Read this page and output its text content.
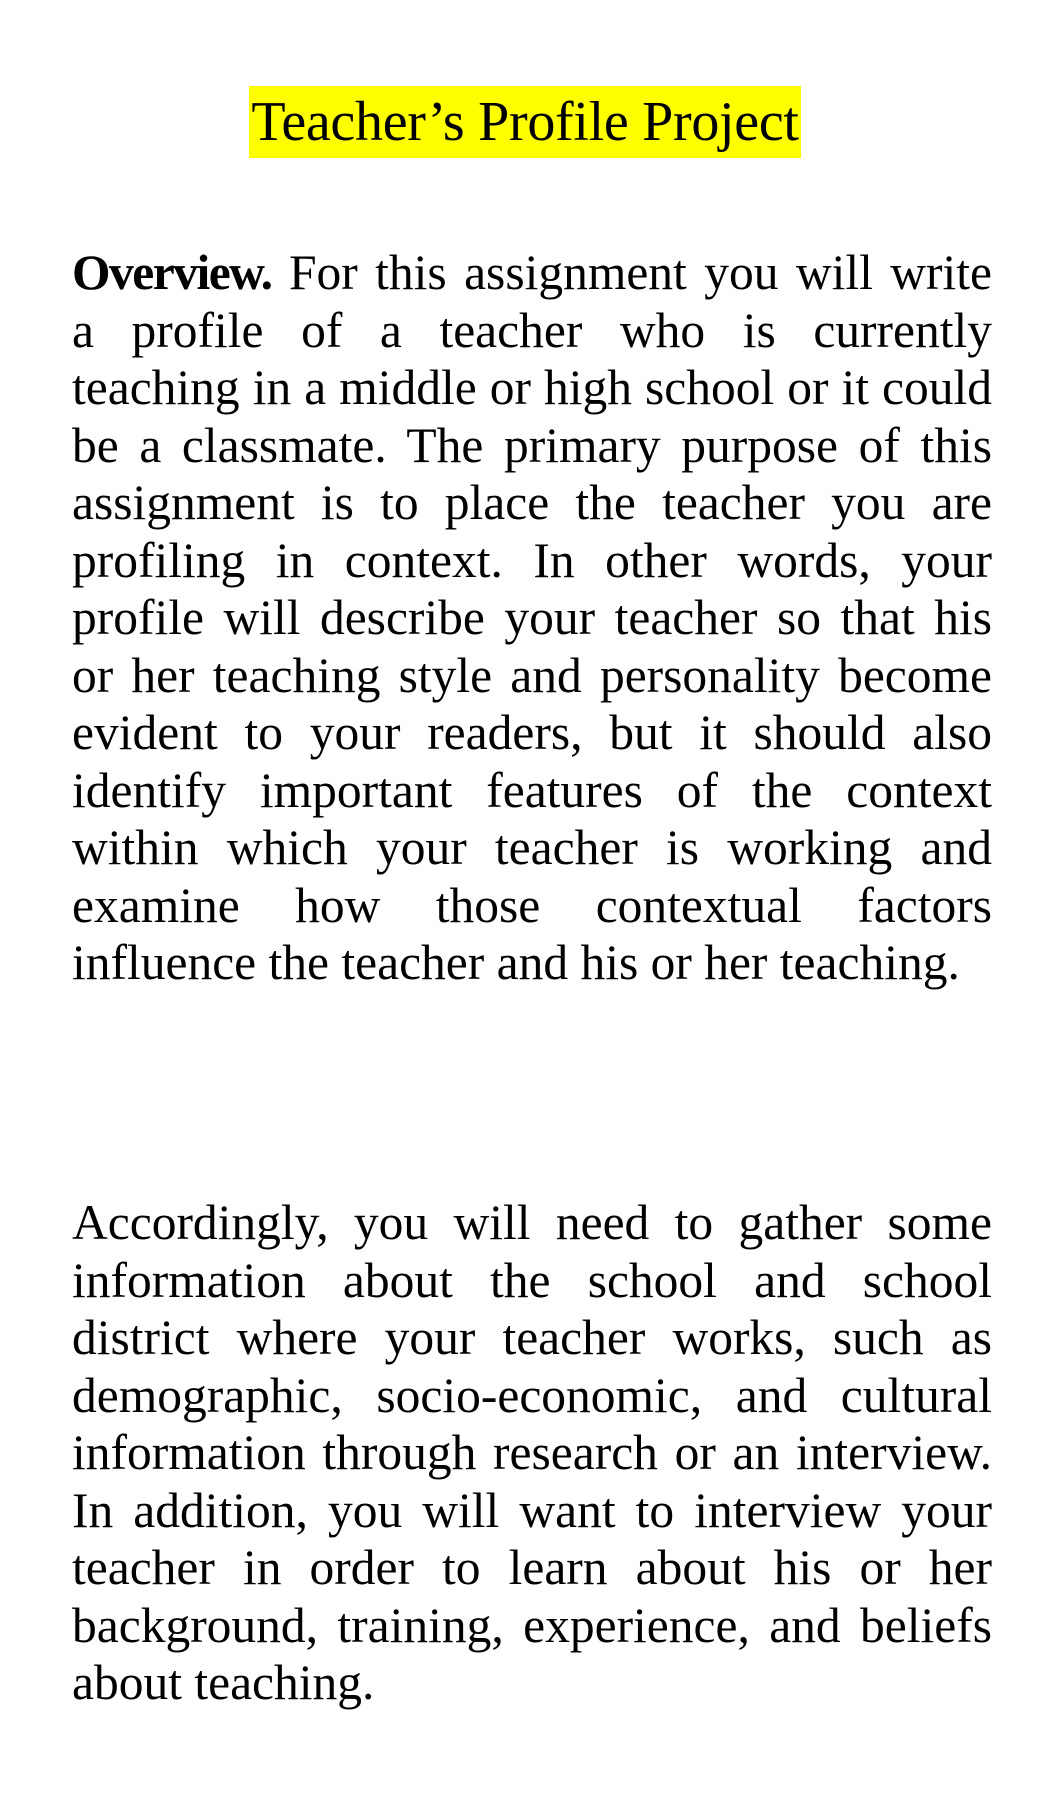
Teacher’s Profile Project

Overview. For this assignment you will write a profile of a teacher who is currently teaching in a middle or high school or it could be a classmate. The primary purpose of this assignment is to place the teacher you are profiling in context. In other words, your profile will describe your teacher so that his or her teaching style and personality become evident to your readers, but it should also identify important features of the context within which your teacher is working and examine how those contextual factors influence the teacher and his or her teaching.

Accordingly, you will need to gather some information about the school and school district where your teacher works, such as demographic, socio-economic, and cultural information through research or an interview. In addition, you will want to interview your teacher in order to learn about his or her background, training, experience, and beliefs about teaching.
